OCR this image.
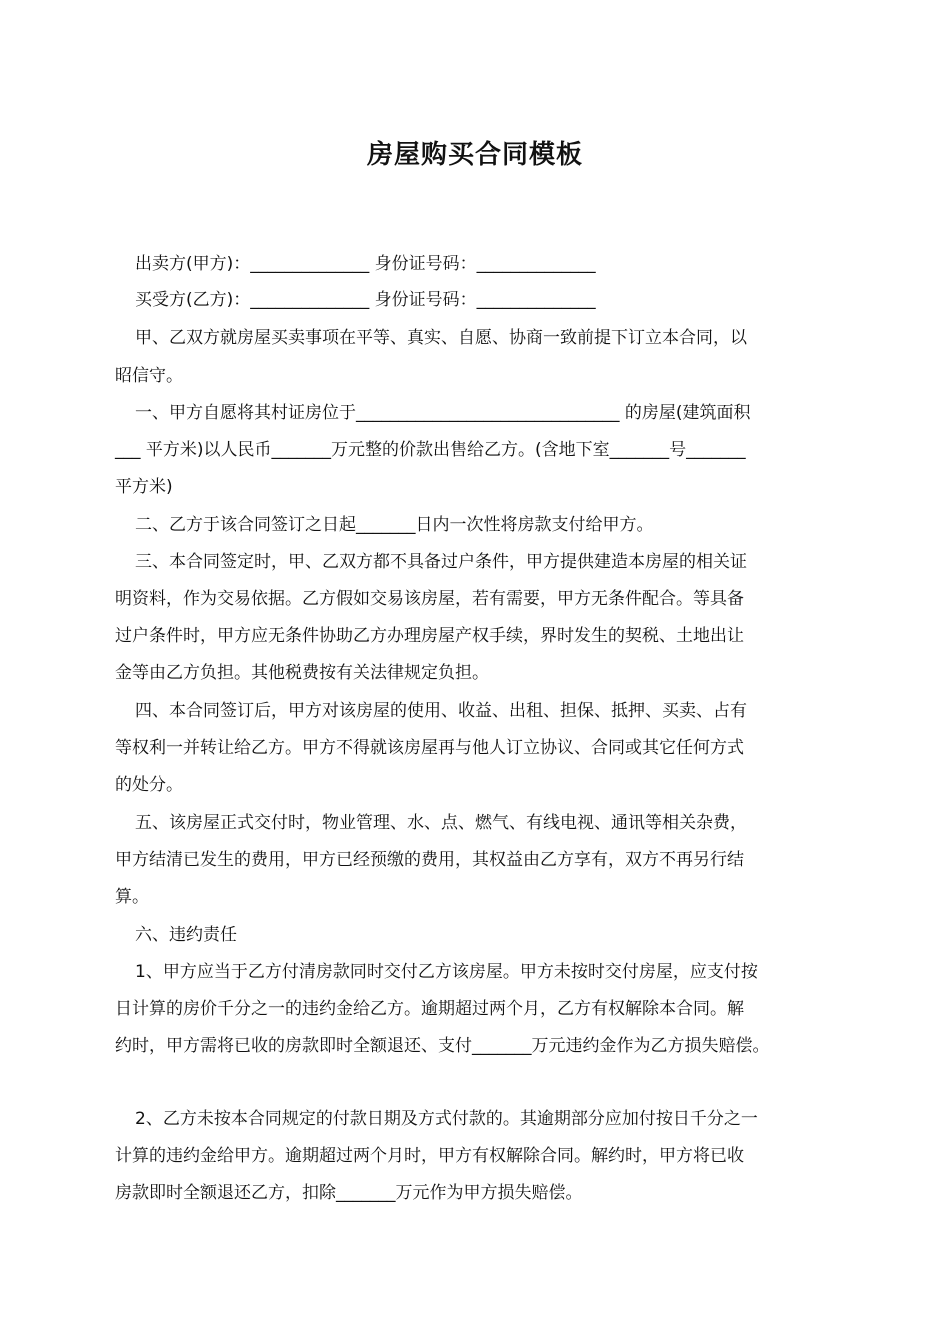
房屋购买合同模板
出卖方(甲方)：______________ 身份证号码：______________
买受方(乙方)：______________ 身份证号码：______________
甲、乙双方就房屋买卖事项在平等、真实、自愿、协商一致前提下订立本合同，以
昭信守。
一、甲方自愿将其村证房位于_______________________________ 的房屋(建筑面积
___ 平方米)以人民币_______万元整的价款出售给乙方。(含地下室_______号_______
平方米)
二、乙方于该合同签订之日起_______日内一次性将房款支付给甲方。
三、本合同签定时，甲、乙双方都不具备过户条件，甲方提供建造本房屋的相关证
明资料，作为交易依据。乙方假如交易该房屋，若有需要，甲方无条件配合。等具备
过户条件时，甲方应无条件协助乙方办理房屋产权手续，界时发生的契税、土地出让
金等由乙方负担。其他税费按有关法律规定负担。
四、本合同签订后，甲方对该房屋的使用、收益、出租、担保、抵押、买卖、占有
等权利一并转让给乙方。甲方不得就该房屋再与他人订立协议、合同或其它任何方式
的处分。
五、该房屋正式交付时，物业管理、水、点、燃气、有线电视、通讯等相关杂费，
甲方结清已发生的费用，甲方已经预缴的费用，其权益由乙方享有，双方不再另行结
算。
六、违约责任
1、甲方应当于乙方付清房款同时交付乙方该房屋。甲方未按时交付房屋，应支付按
日计算的房价千分之一的违约金给乙方。逾期超过两个月，乙方有权解除本合同。解
约时，甲方需将已收的房款即时全额退还、支付_______万元违约金作为乙方损失赔偿。
2、乙方未按本合同规定的付款日期及方式付款的。其逾期部分应加付按日千分之一
计算的违约金给甲方。逾期超过两个月时，甲方有权解除合同。解约时，甲方将已收
房款即时全额退还乙方，扣除_______万元作为甲方损失赔偿。
